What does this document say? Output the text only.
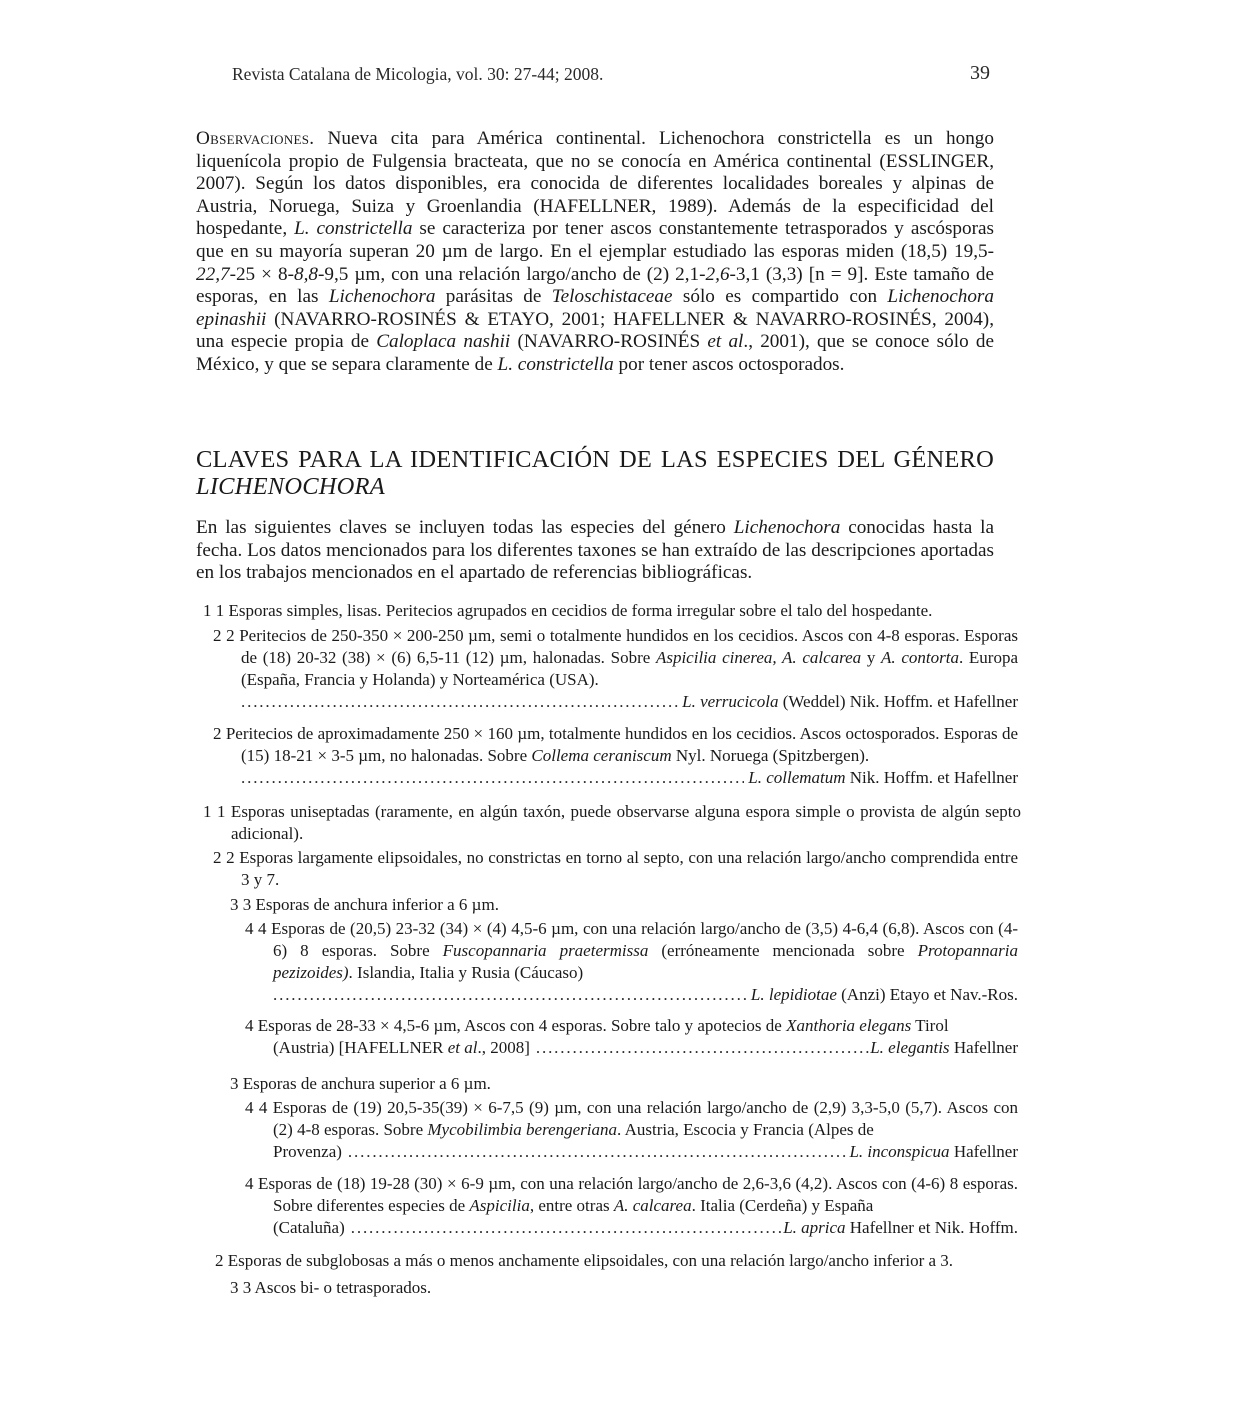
Revista Catalana de Micologia, vol. 30: 27-44; 2008.	39

Observaciones. Nueva cita para América continental. Lichenochora constrictella es un hongo liquenícola propio de Fulgensia bracteata, que no se conocía en América continental (ESSLINGER, 2007). Según los datos disponibles, era conocida de diferentes localidades boreales y alpinas de Austria, Noruega, Suiza y Groenlandia (HAFELLNER, 1989). Además de la especificidad del hospedante, L. constrictella se caracteriza por tener ascos constantemente tetrasporados y ascósporas que en su mayoría superan 20 µm de largo. En el ejemplar estudiado las esporas miden (18,5) 19,5-22,7-25 × 8-8,8-9,5 µm, con una relación largo/ancho de (2) 2,1-2,6-3,1 (3,3) [n = 9]. Este tamaño de esporas, en las Lichenochora parásitas de Teloschistaceae sólo es compartido con Lichenochora epinashii (NAVARRO-ROSINÉS & ETAYO, 2001; HAFELLNER & NAVARRO-ROSINÉS, 2004), una especie propia de Caloplaca nashii (NAVARRO-ROSINÉS et al., 2001), que se conoce sólo de México, y que se separa claramente de L. constrictella por tener ascos octosporados.

CLAVES PARA LA IDENTIFICACIÓN DE LAS ESPECIES DEL GÉNERO
LICHENOCHORA

En las siguientes claves se incluyen todas las especies del género Lichenochora conocidas hasta la fecha. Los datos mencionados para los diferentes taxones se han extraído de las descripciones aportadas en los trabajos mencionados en el apartado de referencias bibliográficas.

1 1 Esporas simples, lisas. Peritecios agrupados en cecidios de forma irregular sobre el talo del hospedante.
2 2 Peritecios de 250-350 × 200-250 µm, semi o totalmente hundidos en los cecidios. Ascos con 4-8 esporas. Esporas de (18) 20-32 (38) × (6) 6,5-11 (12) µm, halonadas. Sobre Aspicilia cinerea, A. calcarea y A. contorta. Europa (España, Francia y Holanda) y Norteamérica (USA).
. . .
L. verrucicola (Weddel) Nik. Hoffm. et Hafellner
2 Peritecios de aproximadamente 250 × 160 µm, totalmente hundidos en los cecidios. Ascos octosporados. Esporas de (15) 18-21 × 3-5 µm, no halonadas. Sobre Collema ceraniscum Nyl. Noruega (Spitzbergen).
. . .
L. collematum Nik. Hoffm. et Hafellner
1 1 Esporas uniseptadas (raramente, en algún taxón, puede observarse alguna espora simple o provista de algún septo adicional).
2 2 Esporas largamente elipsoidales, no constrictas en torno al septo, con una relación largo/ancho comprendida entre 3 y 7.
3 3 Esporas de anchura inferior a 6 µm.
4 4 Esporas de (20,5) 23-32 (34) × (4) 4,5-6 µm, con una relación largo/ancho de (3,5) 4-6,4 (6,8). Ascos con (4-6) 8 esporas. Sobre Fuscopannaria praetermissa (erróneamente mencionada sobre Protopannaria pezizoides). Islandia, Italia y Rusia (Cáucaso)
. . .
L. lepidiotae (Anzi) Etayo et Nav.-Ros.
4 Esporas de 28-33 × 4,5-6 µm, Ascos con 4 esporas. Sobre talo y apotecios de Xanthoria elegans Tirol
(Austria) [HAFELLNER et al., 2008] . . .	L. elegantis Hafellner
3 Esporas de anchura superior a 6 µm.
4 4 Esporas de (19) 20,5-35(39) × 6-7,5 (9) µm, con una relación largo/ancho de (2,9) 3,3-5,0 (5,7). Ascos con (2) 4-8 esporas. Sobre Mycobilimbia berengeriana. Austria, Escocia y Francia (Alpes de
Provenza) . . .	L. inconspicua Hafellner
4 Esporas de (18) 19-28 (30) × 6-9 µm, con una relación largo/ancho de 2,6-3,6 (4,2). Ascos con (4-6) 8 esporas. Sobre diferentes especies de Aspicilia, entre otras A. calcarea. Italia (Cerdeña) y España
(Cataluña) . . .	L. aprica Hafellner et Nik. Hoffm.
2 Esporas de subglobosas a más o menos anchamente elipsoidales, con una relación largo/ancho inferior a 3.
3 3 Ascos bi- o tetrasporados.
